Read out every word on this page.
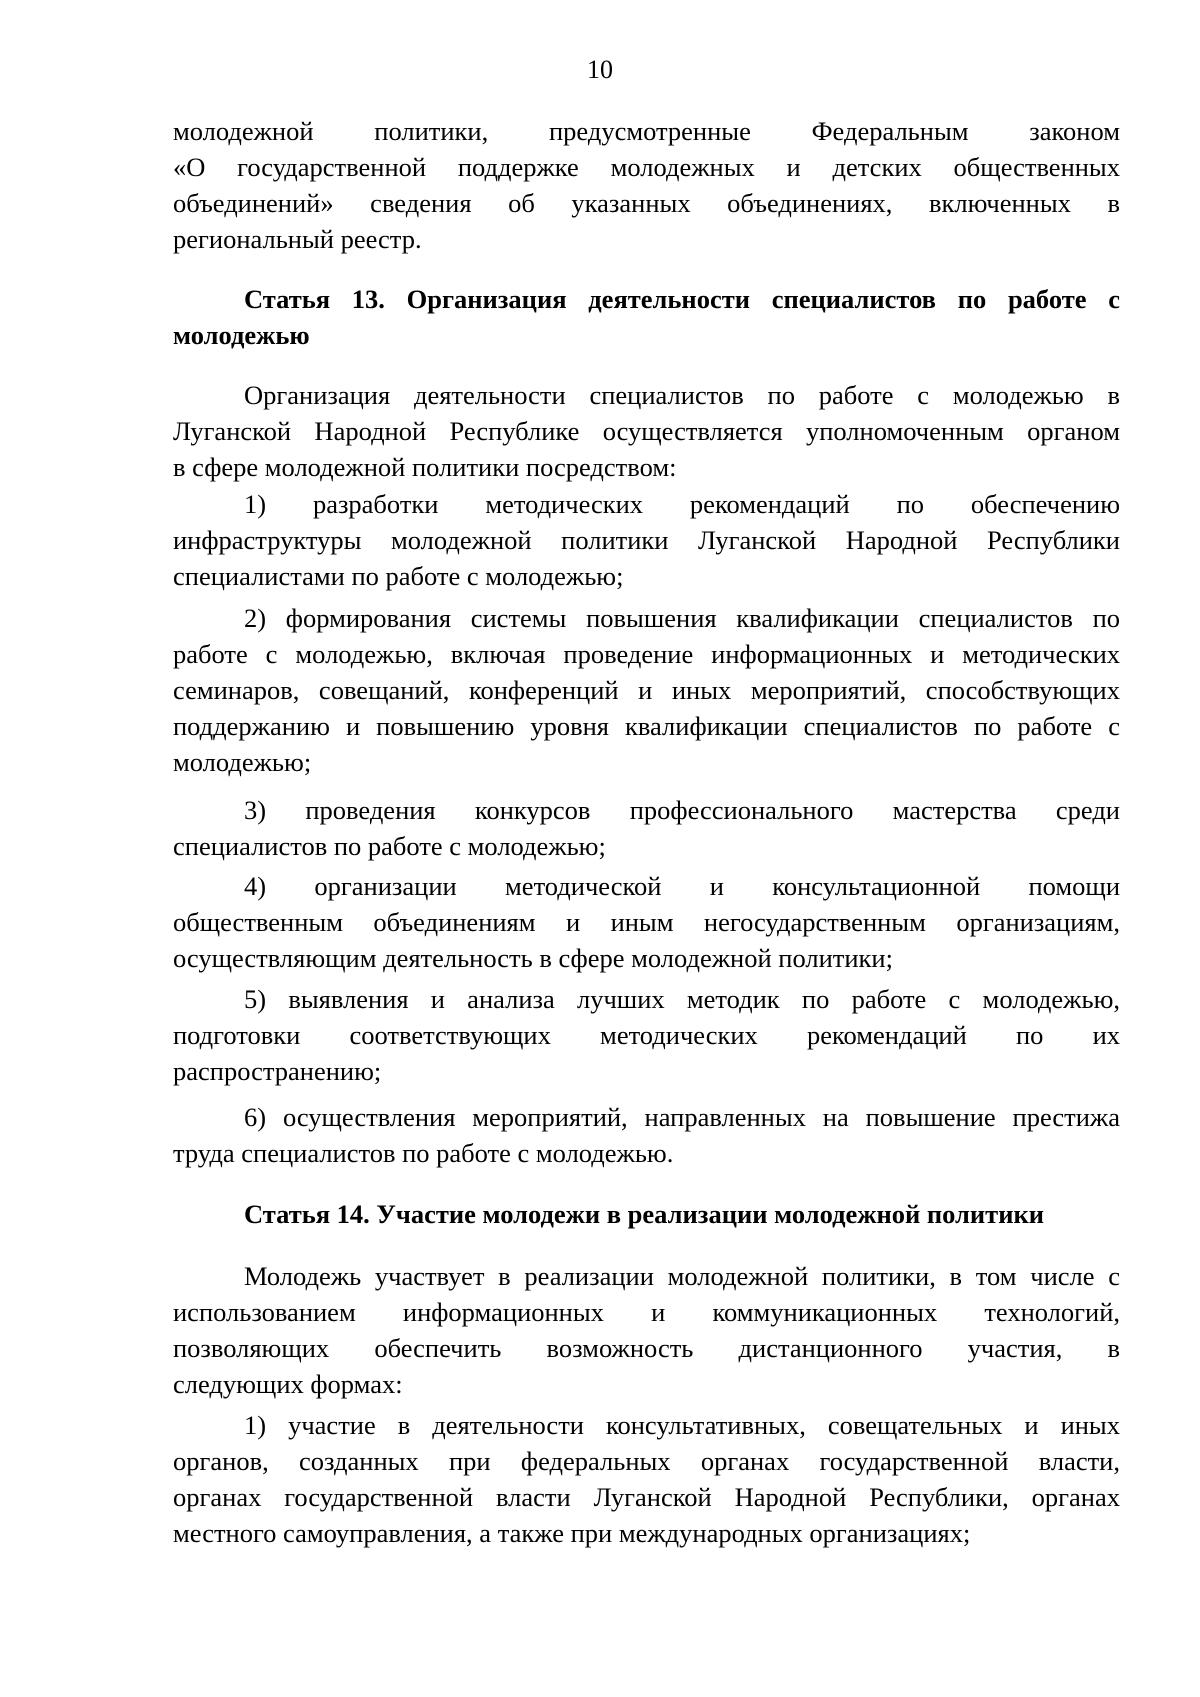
10

молодежной политики, предусмотренные Федеральным законом

«О государственной поддержке молодежных и детских общественных

объединений» сведения об указанных объединениях, включенных в

региональный реестр.

Статья 13. Организация деятельности специалистов по работе с

молодежью

Организация деятельности специалистов по работе с молодежью в

Луганской Народной Республике осуществляется уполномоченным органом

в сфере молодежной политики посредством:

1) разработки методических рекомендаций по обеспечению

инфраструктуры молодежной политики Луганской Народной Республики

специалистами по работе с молодежью;

2) формирования системы повышения квалификации специалистов по

работе с молодежью, включая проведение информационных и методических

семинаров, совещаний, конференций и иных мероприятий, способствующих

поддержанию и повышению уровня квалификации специалистов по работе с

молодежью;

3) проведения конкурсов профессионального мастерства среди

специалистов по работе с молодежью;

4) организации методической и консультационной помощи

общественным объединениям и иным негосударственным организациям,

осуществляющим деятельность в сфере молодежной политики;

5) выявления и анализа лучших методик по работе с молодежью,

подготовки соответствующих методических рекомендаций по их

распространению;

6) осуществления мероприятий, направленных на повышение престижа

труда специалистов по работе с молодежью.

Статья 14. Участие молодежи в реализации молодежной политики

Молодежь участвует в реализации молодежной политики, в том числе с

использованием информационных и коммуникационных технологий,

позволяющих обеспечить возможность дистанционного участия, в

следующих формах:

1) участие в деятельности консультативных, совещательных и иных

органов, созданных при федеральных органах государственной власти,

органах государственной власти Луганской Народной Республики, органах

местного самоуправления, а также при международных организациях;
